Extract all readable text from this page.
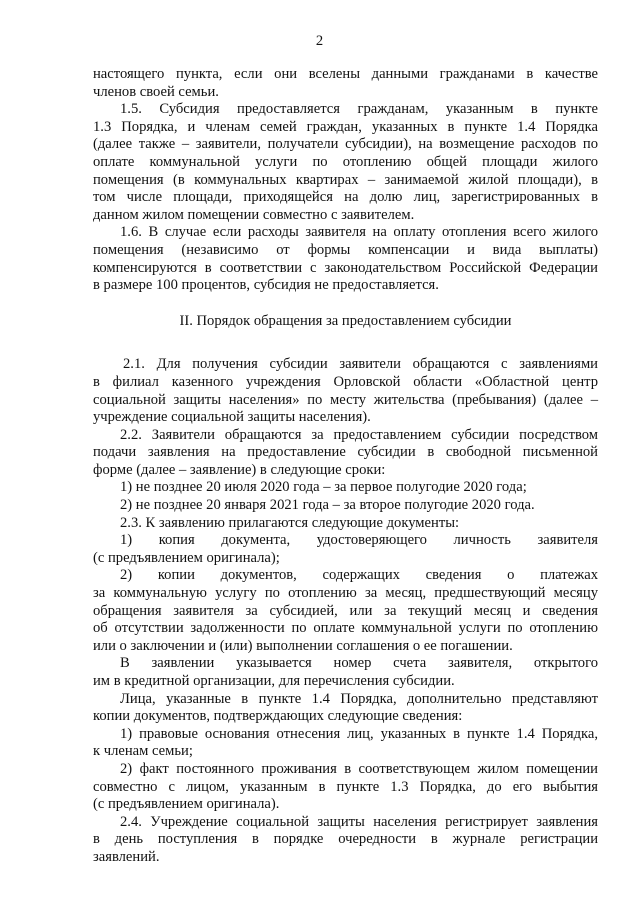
2

настоящего пункта, если они вселены данными гражданами в качестве

членов своей семьи.

1.5. Субсидия предоставляется гражданам, указанным в пункте

1.3 Порядка, и членам семей граждан, указанных в пункте 1.4 Порядка

(далее также – заявители, получатели субсидии), на возмещение расходов по

оплате коммунальной услуги по отоплению общей площади жилого

помещения (в коммунальных квартирах – занимаемой жилой площади), в

том числе площади, приходящейся на долю лиц, зарегистрированных в

данном жилом помещении совместно с заявителем.

1.6. В случае если расходы заявителя на оплату отопления всего жилого

помещения (независимо от формы компенсации и вида выплаты)

компенсируются в соответствии с законодательством Российской Федерации

в размере 100 процентов, субсидия не предоставляется.

II. Порядок обращения за предоставлением субсидии

2.1. Для получения субсидии заявители обращаются с заявлениями

в филиал казенного учреждения Орловской области «Областной центр

социальной защиты населения» по месту жительства (пребывания) (далее –

учреждение социальной защиты населения).

2.2. Заявители обращаются за предоставлением субсидии посредством

подачи заявления на предоставление субсидии в свободной письменной

форме (далее – заявление) в следующие сроки:

1) не позднее 20 июля 2020 года – за первое полугодие 2020 года;

2) не позднее 20 января 2021 года – за второе полугодие 2020 года.

2.3. К заявлению прилагаются следующие документы:

1) копия документа, удостоверяющего личность заявителя

(с предъявлением оригинала);

2) копии документов, содержащих сведения о платежах

за коммунальную услугу по отоплению за месяц, предшествующий месяцу

обращения заявителя за субсидией, или за текущий месяц и сведения

об отсутствии задолженности по оплате коммунальной услуги по отоплению

или о заключении и (или) выполнении соглашения о ее погашении.

В заявлении указывается номер счета заявителя, открытого

им в кредитной организации, для перечисления субсидии.

Лица, указанные в пункте 1.4 Порядка, дополнительно представляют

копии документов, подтверждающих следующие сведения:

1) правовые основания отнесения лиц, указанных в пункте 1.4 Порядка,

к членам семьи;

2) факт постоянного проживания в соответствующем жилом помещении

совместно с лицом, указанным в пункте 1.3 Порядка, до его выбытия

(с предъявлением оригинала).

2.4. Учреждение социальной защиты населения регистрирует заявления

в день поступления в порядке очередности в журнале регистрации

заявлений.
